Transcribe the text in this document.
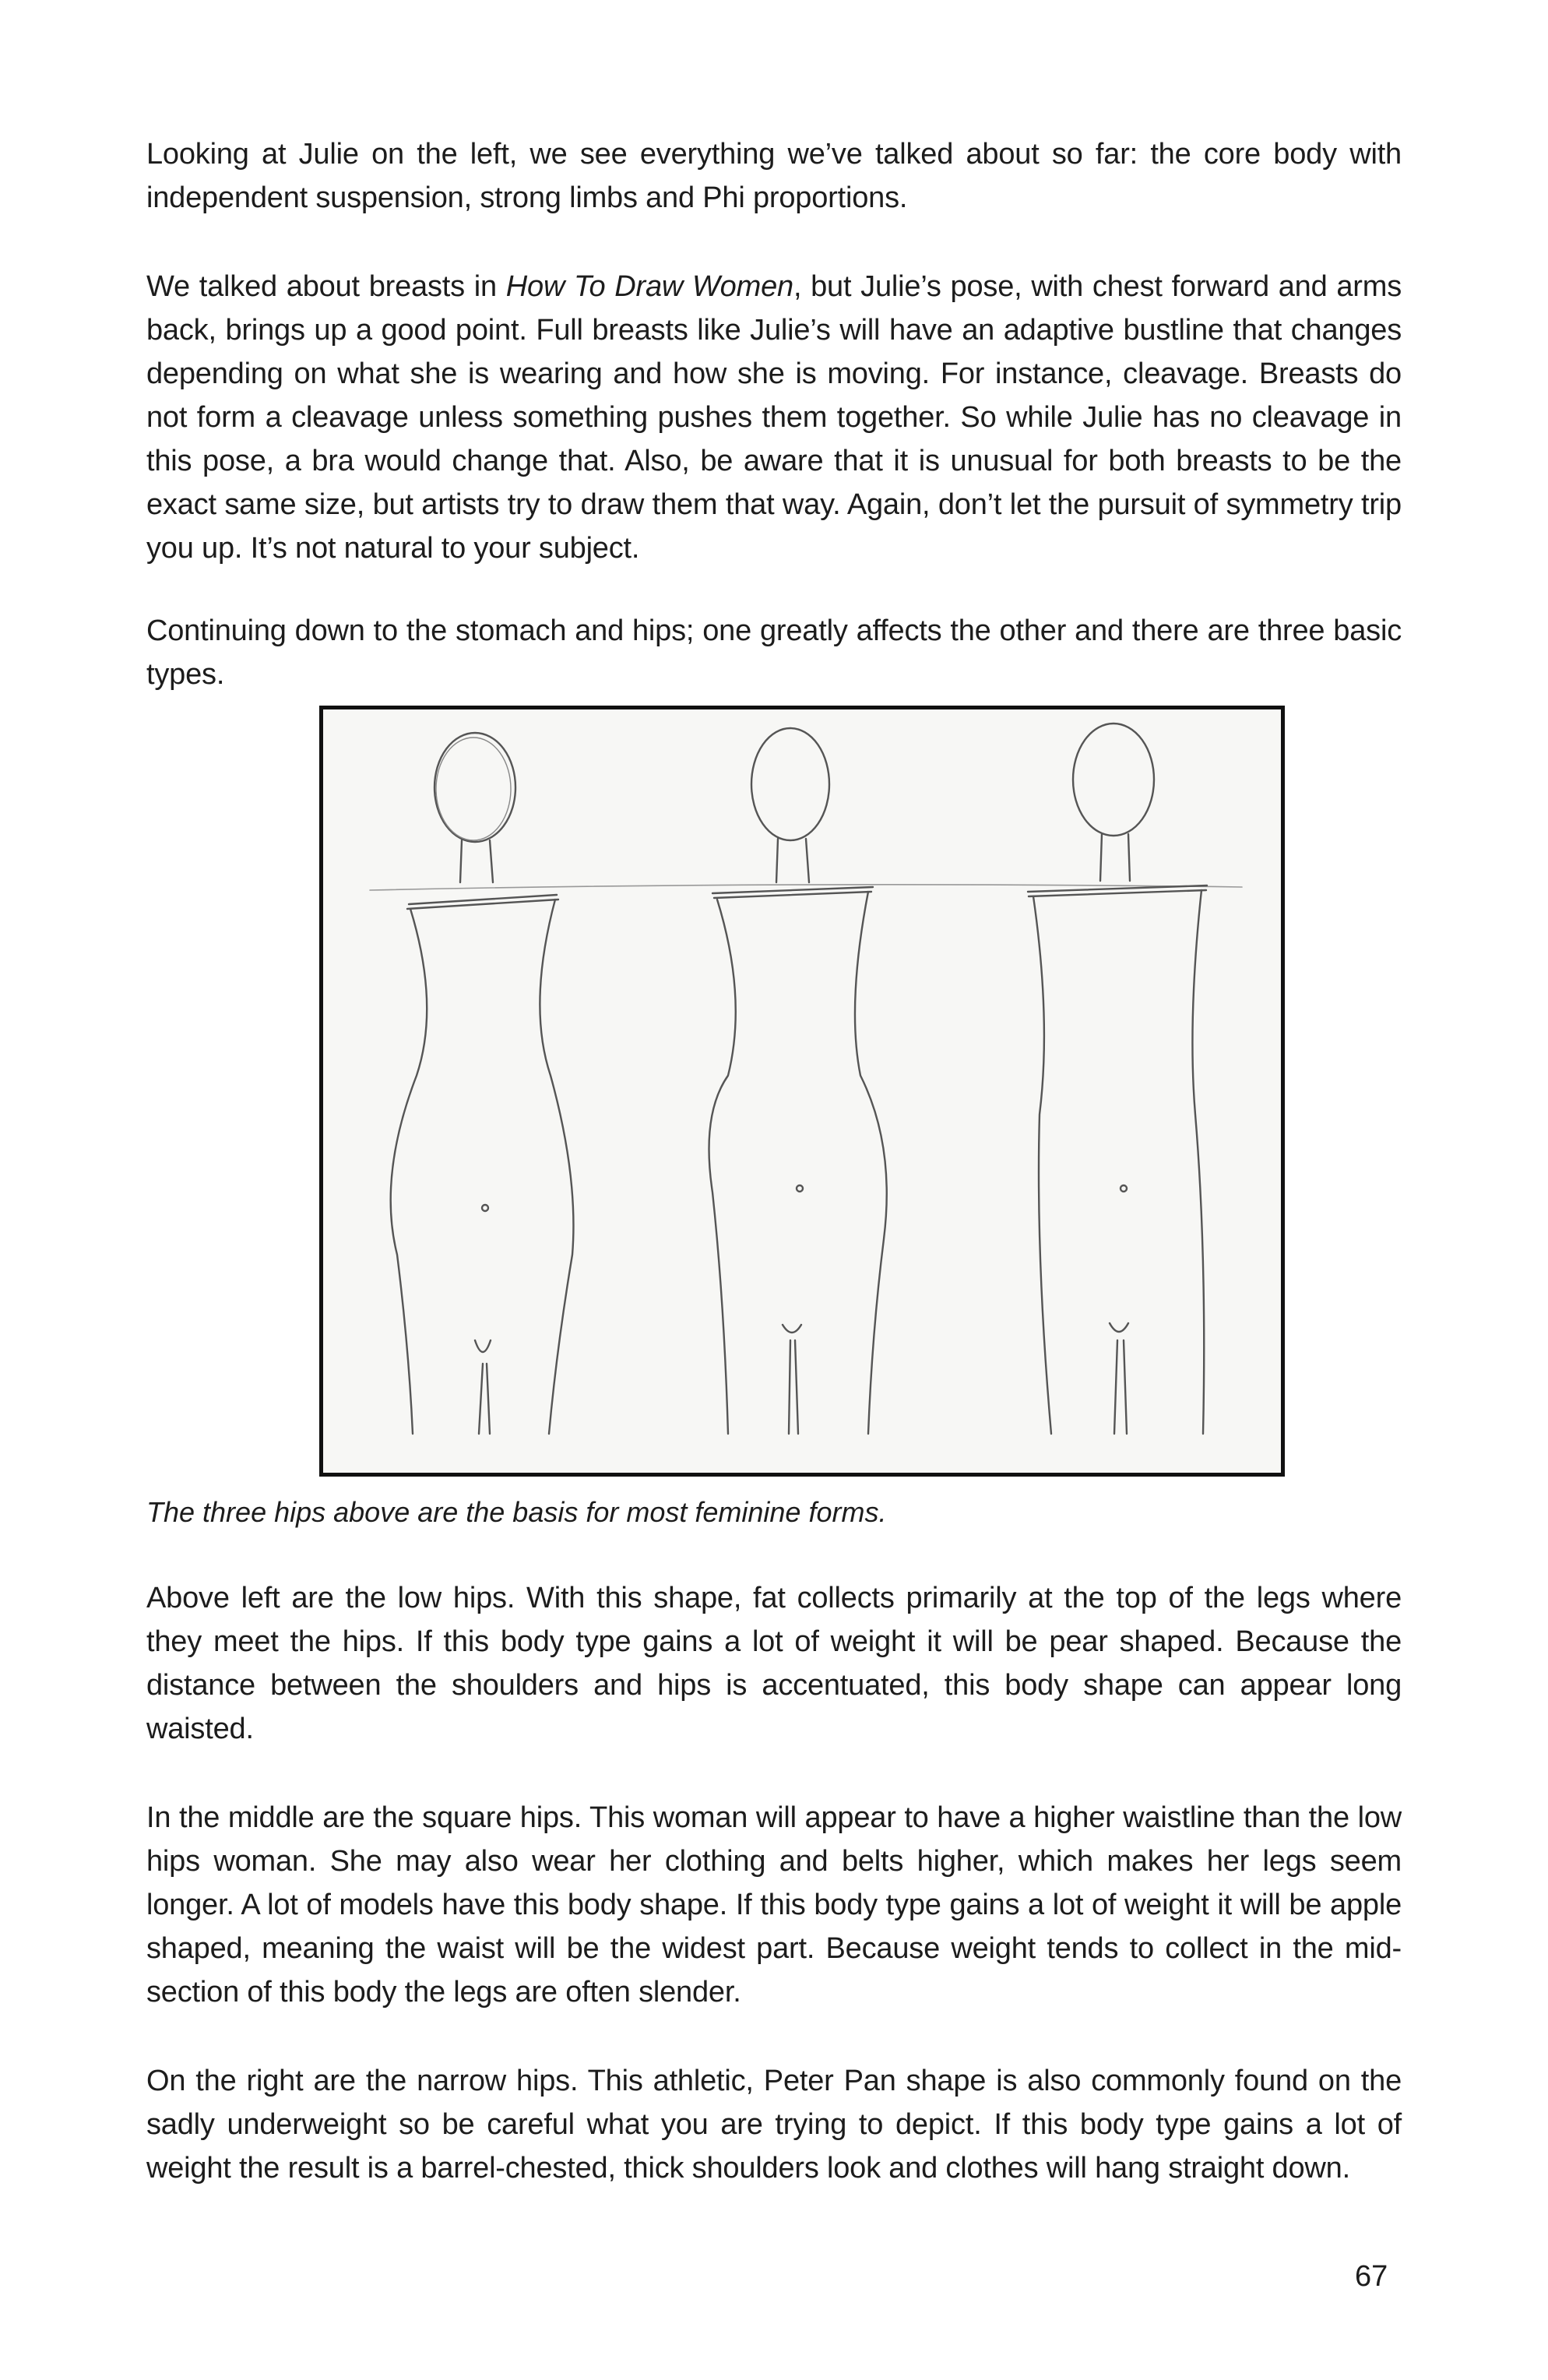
Looking at Julie on the left, we see everything we’ve talked about so far: the core body with independent suspension, strong limbs and Phi proportions.

We talked about breasts in How To Draw Women, but Julie’s pose, with chest forward and arms back, brings up a good point. Full breasts like Julie’s will have an adaptive bustline that changes depending on what she is wearing and how she is moving. For instance, cleavage. Breasts do not form a cleavage unless something pushes them together. So while Julie has no cleavage in this pose, a bra would change that. Also, be aware that it is unusual for both breasts to be the exact same size, but artists try to draw them that way. Again, don’t let the pursuit of symmetry trip you up. It’s not natural to your subject.

Continuing down to the stomach and hips; one greatly affects the other and there are three basic types.

The three hips above are the basis for most feminine forms.

Above left are the low hips. With this shape, fat collects primarily at the top of the legs where they meet the hips. If this body type gains a lot of weight it will be pear shaped. Because the distance between the shoulders and hips is accentuated, this body shape can appear long waisted.

In the middle are the square hips. This woman will appear to have a higher waistline than the low hips woman. She may also wear her clothing and belts higher, which makes her legs seem longer. A lot of models have this body shape. If this body type gains a lot of weight it will be apple shaped, meaning the waist will be the widest part. Because weight tends to collect in the mid-section of this body the legs are often slender.

On the right are the narrow hips. This athletic, Peter Pan shape is also commonly found on the sadly underweight so be careful what you are trying to depict. If this body type gains a lot of weight the result is a barrel-chested, thick shoulders look and clothes will hang straight down.

67
